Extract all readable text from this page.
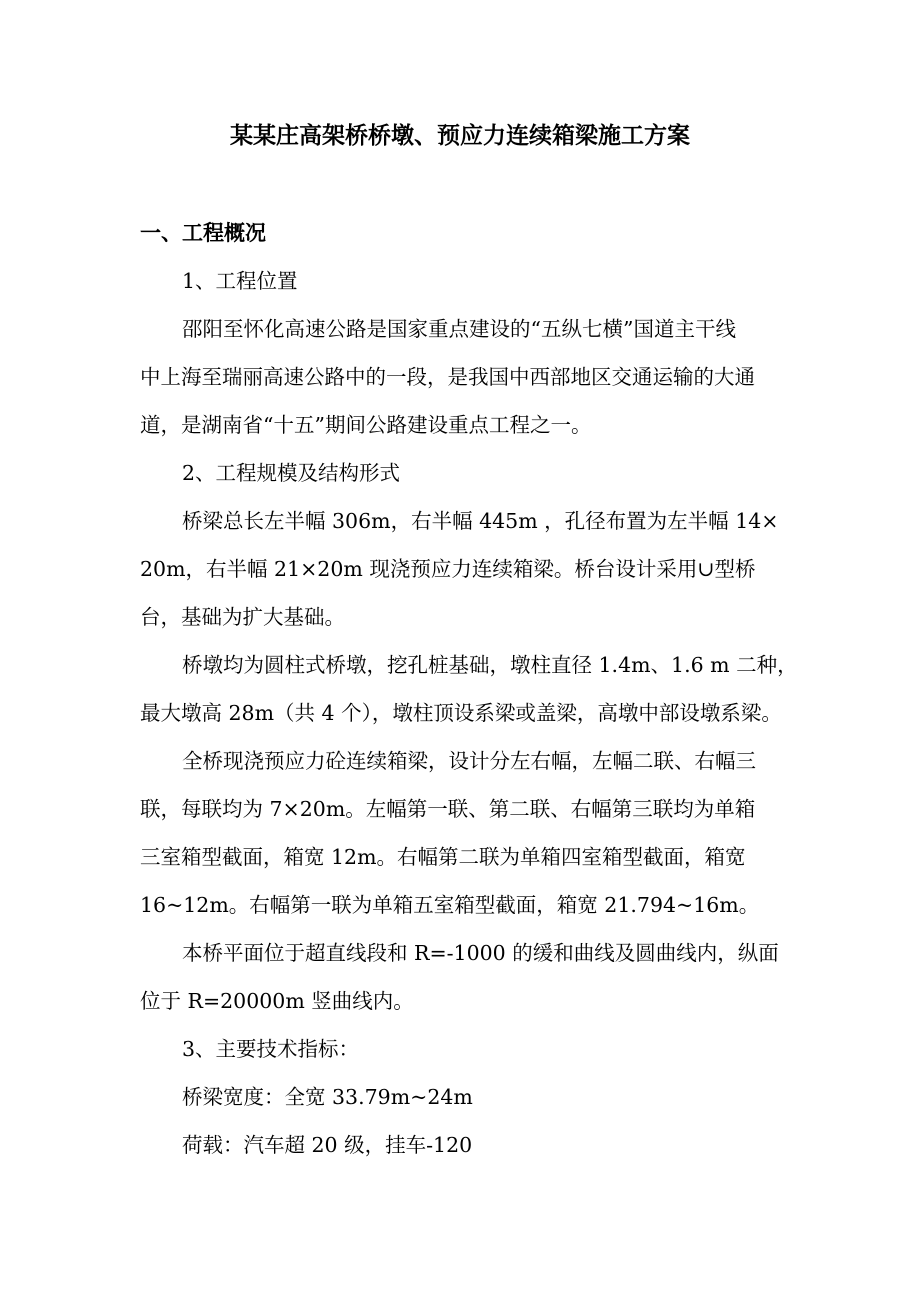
某某庄高架桥桥墩、预应力连续箱梁施工方案
一、工程概况

1、工程位置

邵阳至怀化高速公路是国家重点建设的“五纵七横”国道主干线

中上海至瑞丽高速公路中的一段，是我国中西部地区交通运输的大通

道，是湖南省“十五”期间公路建设重点工程之一。

2、工程规模及结构形式

桥梁总长左半幅 306m，右半幅 445m ，孔径布置为左半幅 14×

20m，右半幅 21×20m 现浇预应力连续箱梁。桥台设计采用∪型桥

台，基础为扩大基础。

桥墩均为圆柱式桥墩，挖孔桩基础，墩柱直径 1.4m、1.6 m 二种，

最大墩高 28m（共 4 个），墩柱顶设系梁或盖梁，高墩中部设墩系梁。

全桥现浇预应力砼连续箱梁，设计分左右幅，左幅二联、右幅三

联，每联均为 7×20m。左幅第一联、第二联、右幅第三联均为单箱

三室箱型截面，箱宽 12m。右幅第二联为单箱四室箱型截面，箱宽

16~12m。右幅第一联为单箱五室箱型截面，箱宽 21.794~16m。

本桥平面位于超直线段和 R=-1000 的缓和曲线及圆曲线内，纵面

位于 R=20000m 竖曲线内。

3、主要技术指标：

桥梁宽度：全宽 33.79m~24m

荷载：汽车超 20 级，挂车-120
